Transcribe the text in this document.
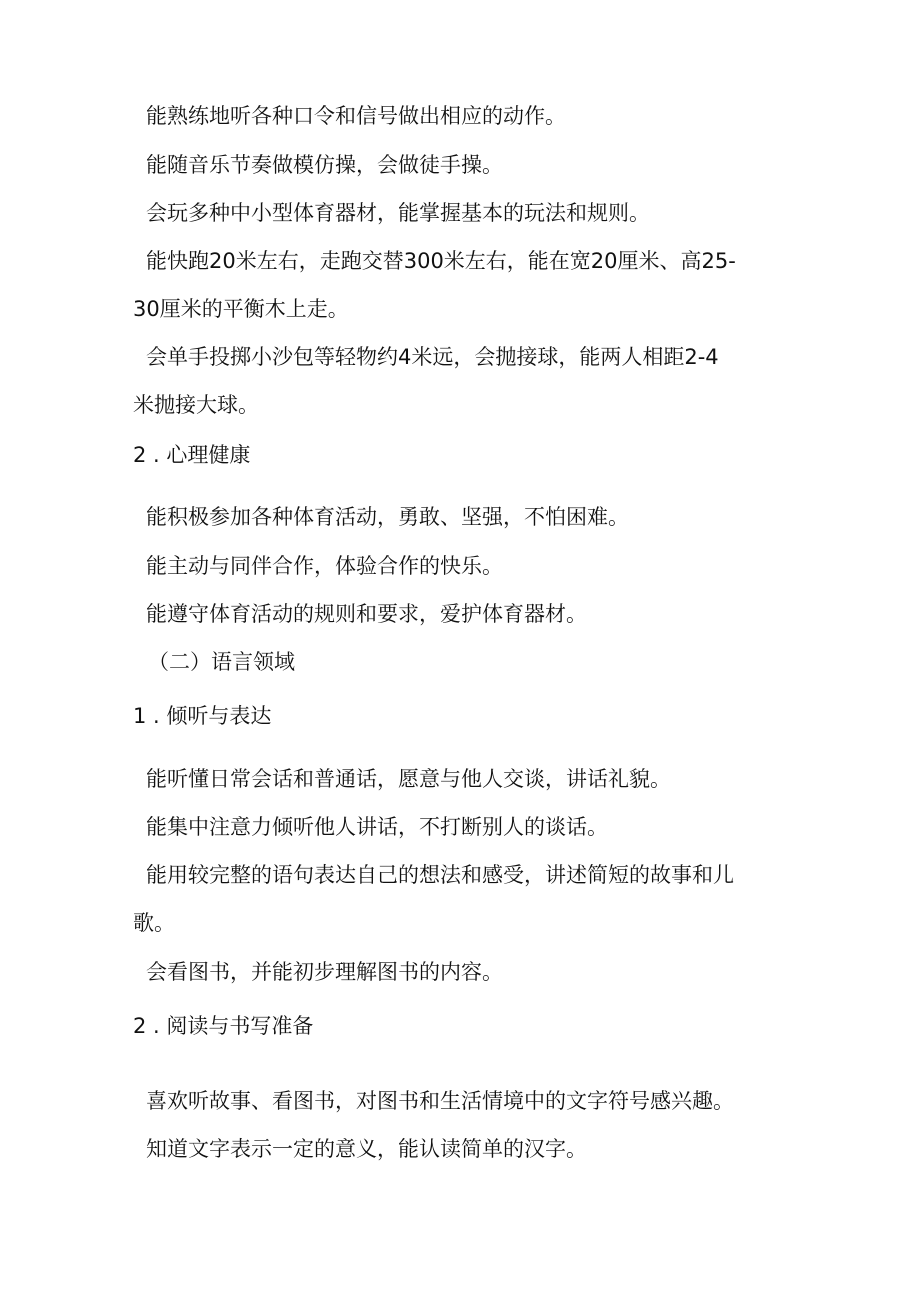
能熟练地听各种口令和信号做出相应的动作。
能随音乐节奏做模仿操，会做徒手操。
会玩多种中小型体育器材，能掌握基本的玩法和规则。
能快跑20米左右，走跑交替300米左右，能在宽20厘米、高25-
30厘米的平衡木上走。
会单手投掷小沙包等轻物约4米远，会抛接球，能两人相距2-4
米抛接大球。
2 . 心理健康
能积极参加各种体育活动，勇敢、坚强，不怕困难。
能主动与同伴合作，体验合作的快乐。
能遵守体育活动的规则和要求，爱护体育器材。
（二）语言领域
1 . 倾听与表达
能听懂日常会话和普通话，愿意与他人交谈，讲话礼貌。
能集中注意力倾听他人讲话，不打断别人的谈话。
能用较完整的语句表达自己的想法和感受，讲述简短的故事和儿
歌。
会看图书，并能初步理解图书的内容。
2 . 阅读与书写准备
喜欢听故事、看图书，对图书和生活情境中的文字符号感兴趣。
知道文字表示一定的意义，能认读简单的汉字。
